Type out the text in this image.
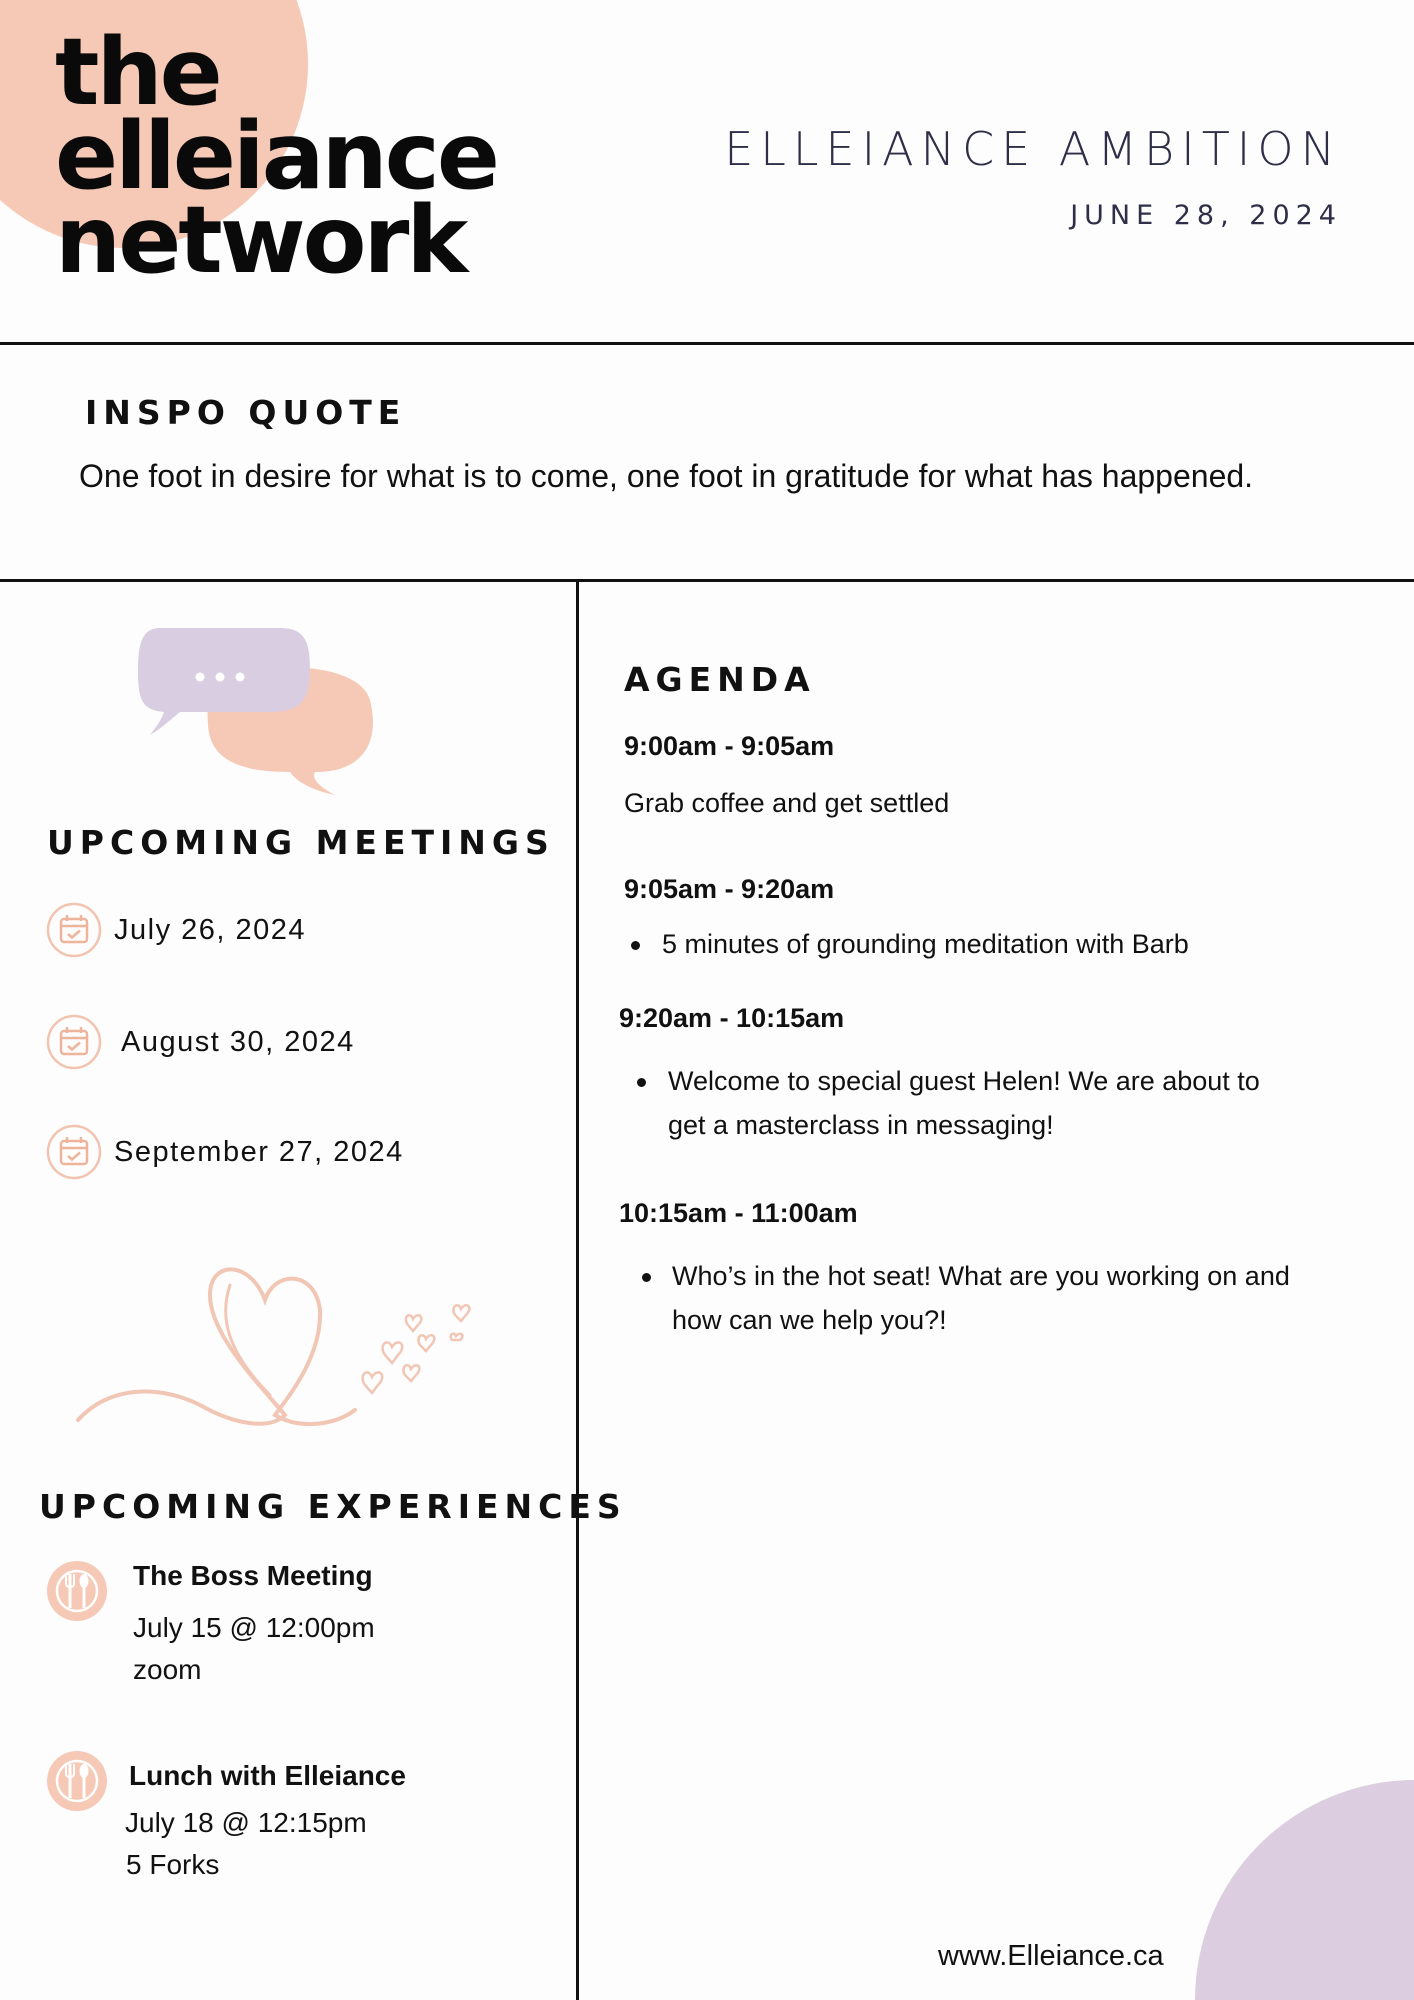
the
elleiance
network
ELLEIANCE AMBITION
JUNE 28, 2024
INSPO QUOTE
One foot in desire for what is to come, one foot in gratitude for what has happened.
UPCOMING MEETINGS
July 26, 2024
August 30, 2024
September 27, 2024
UPCOMING EXPERIENCES
The Boss Meeting
July 15 @ 12:00pm
zoom
Lunch with Elleiance
July 18 @ 12:15pm
5 Forks
AGENDA
9:00am - 9:05am
Grab coffee and get settled
9:05am - 9:20am
5 minutes of grounding meditation with Barb
9:20am - 10:15am
Welcome to special guest Helen! We are about to
get a masterclass in messaging!
10:15am - 11:00am
Who’s in the hot seat! What are you working on and
how can we help you?!
www.Elleiance.ca
